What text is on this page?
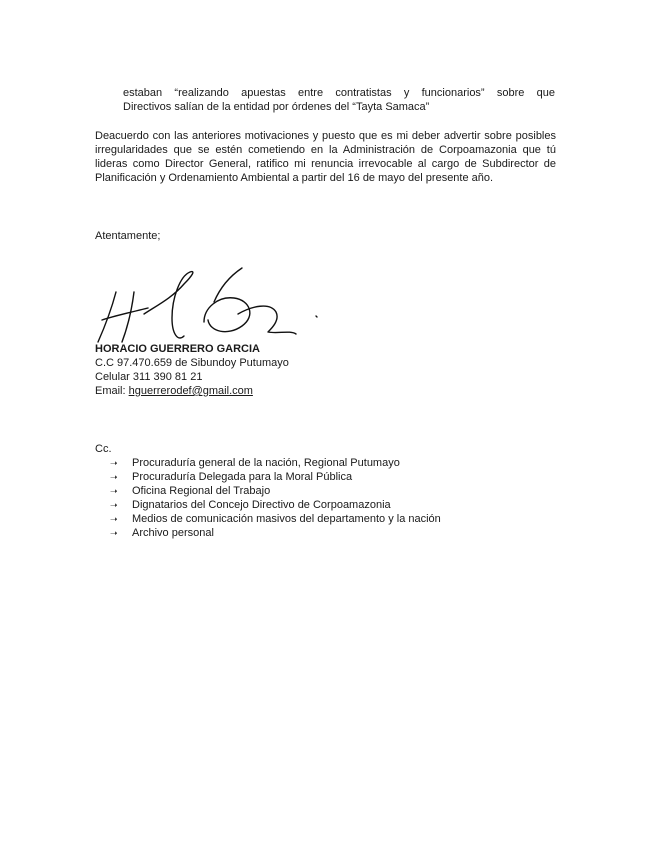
estaban “realizando apuestas entre contratistas y funcionarios” sobre que

Directivos salían de la entidad por órdenes del “Tayta Samaca”

Deacuerdo con las anteriores motivaciones y puesto que es mi deber advertir sobre posibles irregularidades que se estén cometiendo en la Administración de Corpoamazonia que tú lideras como Director General, ratifico mi renuncia irrevocable al cargo de Subdirector de Planificación y Ordenamiento Ambiental a partir del 16 de mayo del presente año.

Atentamente;

HORACIO GUERRERO GARCIA
C.C 97.470.659 de Sibundoy Putumayo
Celular 311 390 81 21
Email: hguerrerodef@gmail.com
Cc.
➝	Procuraduría general de la nación, Regional Putumayo
➝	Procuraduría Delegada para la Moral Pública
➝	Oficina Regional del Trabajo
➝	Dignatarios del Concejo Directivo de Corpoamazonia
➝	Medios de comunicación masivos del departamento y la nación
➝	Archivo personal
